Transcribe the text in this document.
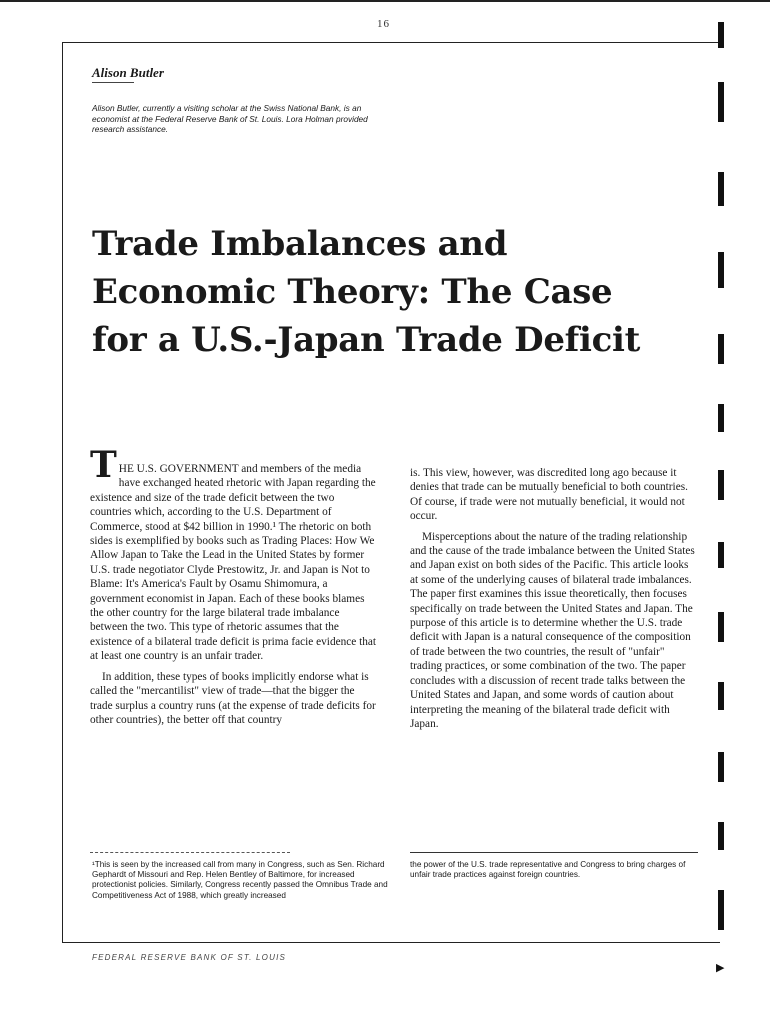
16
Alison Butler

Alison Butler, currently a visiting scholar at the Swiss National Bank, is an economist at the Federal Reserve Bank of St. Louis. Lora Holman provided research assistance.

Trade Imbalances and
Economic Theory: The Case
for a U.S.-Japan Trade Deficit

THE U.S. GOVERNMENT and members of the media have exchanged heated rhetoric with Japan regarding the existence and size of the trade deficit between the two countries which, according to the U.S. Department of Commerce, stood at $42 billion in 1990.¹ The rhetoric on both sides is exemplified by books such as Trading Places: How We Allow Japan to Take the Lead in the United States by former U.S. trade negotiator Clyde Prestowitz, Jr. and Japan is Not to Blame: It's America's Fault by Osamu Shimomura, a government economist in Japan. Each of these books blames the other country for the large bilateral trade imbalance between the two. This type of rhetoric assumes that the existence of a bilateral trade deficit is prima facie evidence that at least one country is an unfair trader.

In addition, these types of books implicitly endorse what is called the "mercantilist" view of trade—that the bigger the trade surplus a country runs (at the expense of trade deficits for other countries), the better off that country

is. This view, however, was discredited long ago because it denies that trade can be mutually beneficial to both countries. Of course, if trade were not mutually beneficial, it would not occur.

Misperceptions about the nature of the trading relationship and the cause of the trade imbalance between the United States and Japan exist on both sides of the Pacific. This article looks at some of the underlying causes of bilateral trade imbalances. The paper first examines this issue theoretically, then focuses specifically on trade between the United States and Japan. The purpose of this article is to determine whether the U.S. trade deficit with Japan is a natural consequence of the composition of trade between the two countries, the result of "unfair" trading practices, or some combination of the two. The paper concludes with a discussion of recent trade talks between the United States and Japan, and some words of caution about interpreting the meaning of the bilateral trade deficit with Japan.

¹This is seen by the increased call from many in Congress, such as Sen. Richard Gephardt of Missouri and Rep. Helen Bentley of Baltimore, for increased protectionist policies. Similarly, Congress recently passed the Omnibus Trade and Competitiveness Act of 1988, which greatly increased

the power of the U.S. trade representative and Congress to bring charges of unfair trade practices against foreign countries.

FEDERAL RESERVE BANK OF ST. LOUIS

▶
